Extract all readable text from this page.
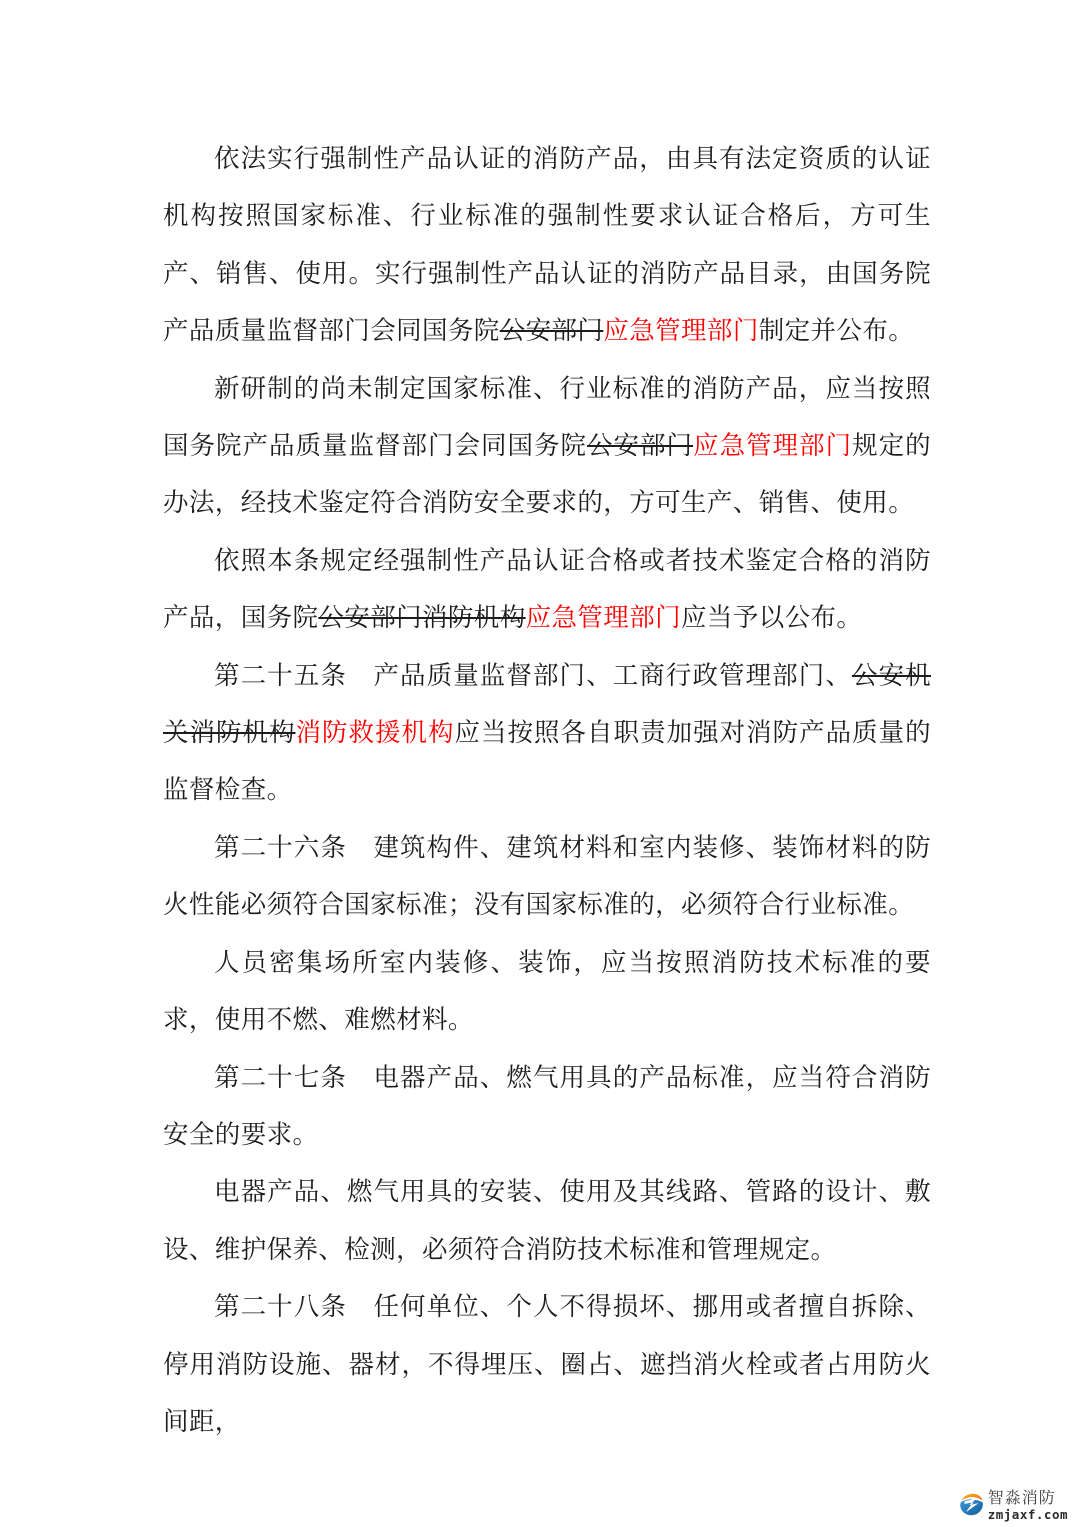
依法实行强制性产品认证的消防产品，由具有法定资质的认证机构按照国家标准、行业标准的强制性要求认证合格后，方可生产、销售、使用。实行强制性产品认证的消防产品目录，由国务院产品质量监督部门会同国务院公安部门应急管理部门制定并公布。

新研制的尚未制定国家标准、行业标准的消防产品，应当按照国务院产品质量监督部门会同国务院公安部门应急管理部门规定的办法，经技术鉴定符合消防安全要求的，方可生产、销售、使用。

依照本条规定经强制性产品认证合格或者技术鉴定合格的消防产品，国务院公安部门消防机构应急管理部门应当予以公布。

第二十五条　产品质量监督部门、工商行政管理部门、公安机关消防机构消防救援机构应当按照各自职责加强对消防产品质量的监督检查。

第二十六条　建筑构件、建筑材料和室内装修、装饰材料的防火性能必须符合国家标准；没有国家标准的，必须符合行业标准。

人员密集场所室内装修、装饰，应当按照消防技术标准的要求，使用不燃、难燃材料。

第二十七条　电器产品、燃气用具的产品标准，应当符合消防安全的要求。

电器产品、燃气用具的安装、使用及其线路、管路的设计、敷设、维护保养、检测，必须符合消防技术标准和管理规定。

第二十八条　任何单位、个人不得损坏、挪用或者擅自拆除、停用消防设施、器材，不得埋压、圈占、遮挡消火栓或者占用防火间距，

智淼消防
zmjaxf.com
